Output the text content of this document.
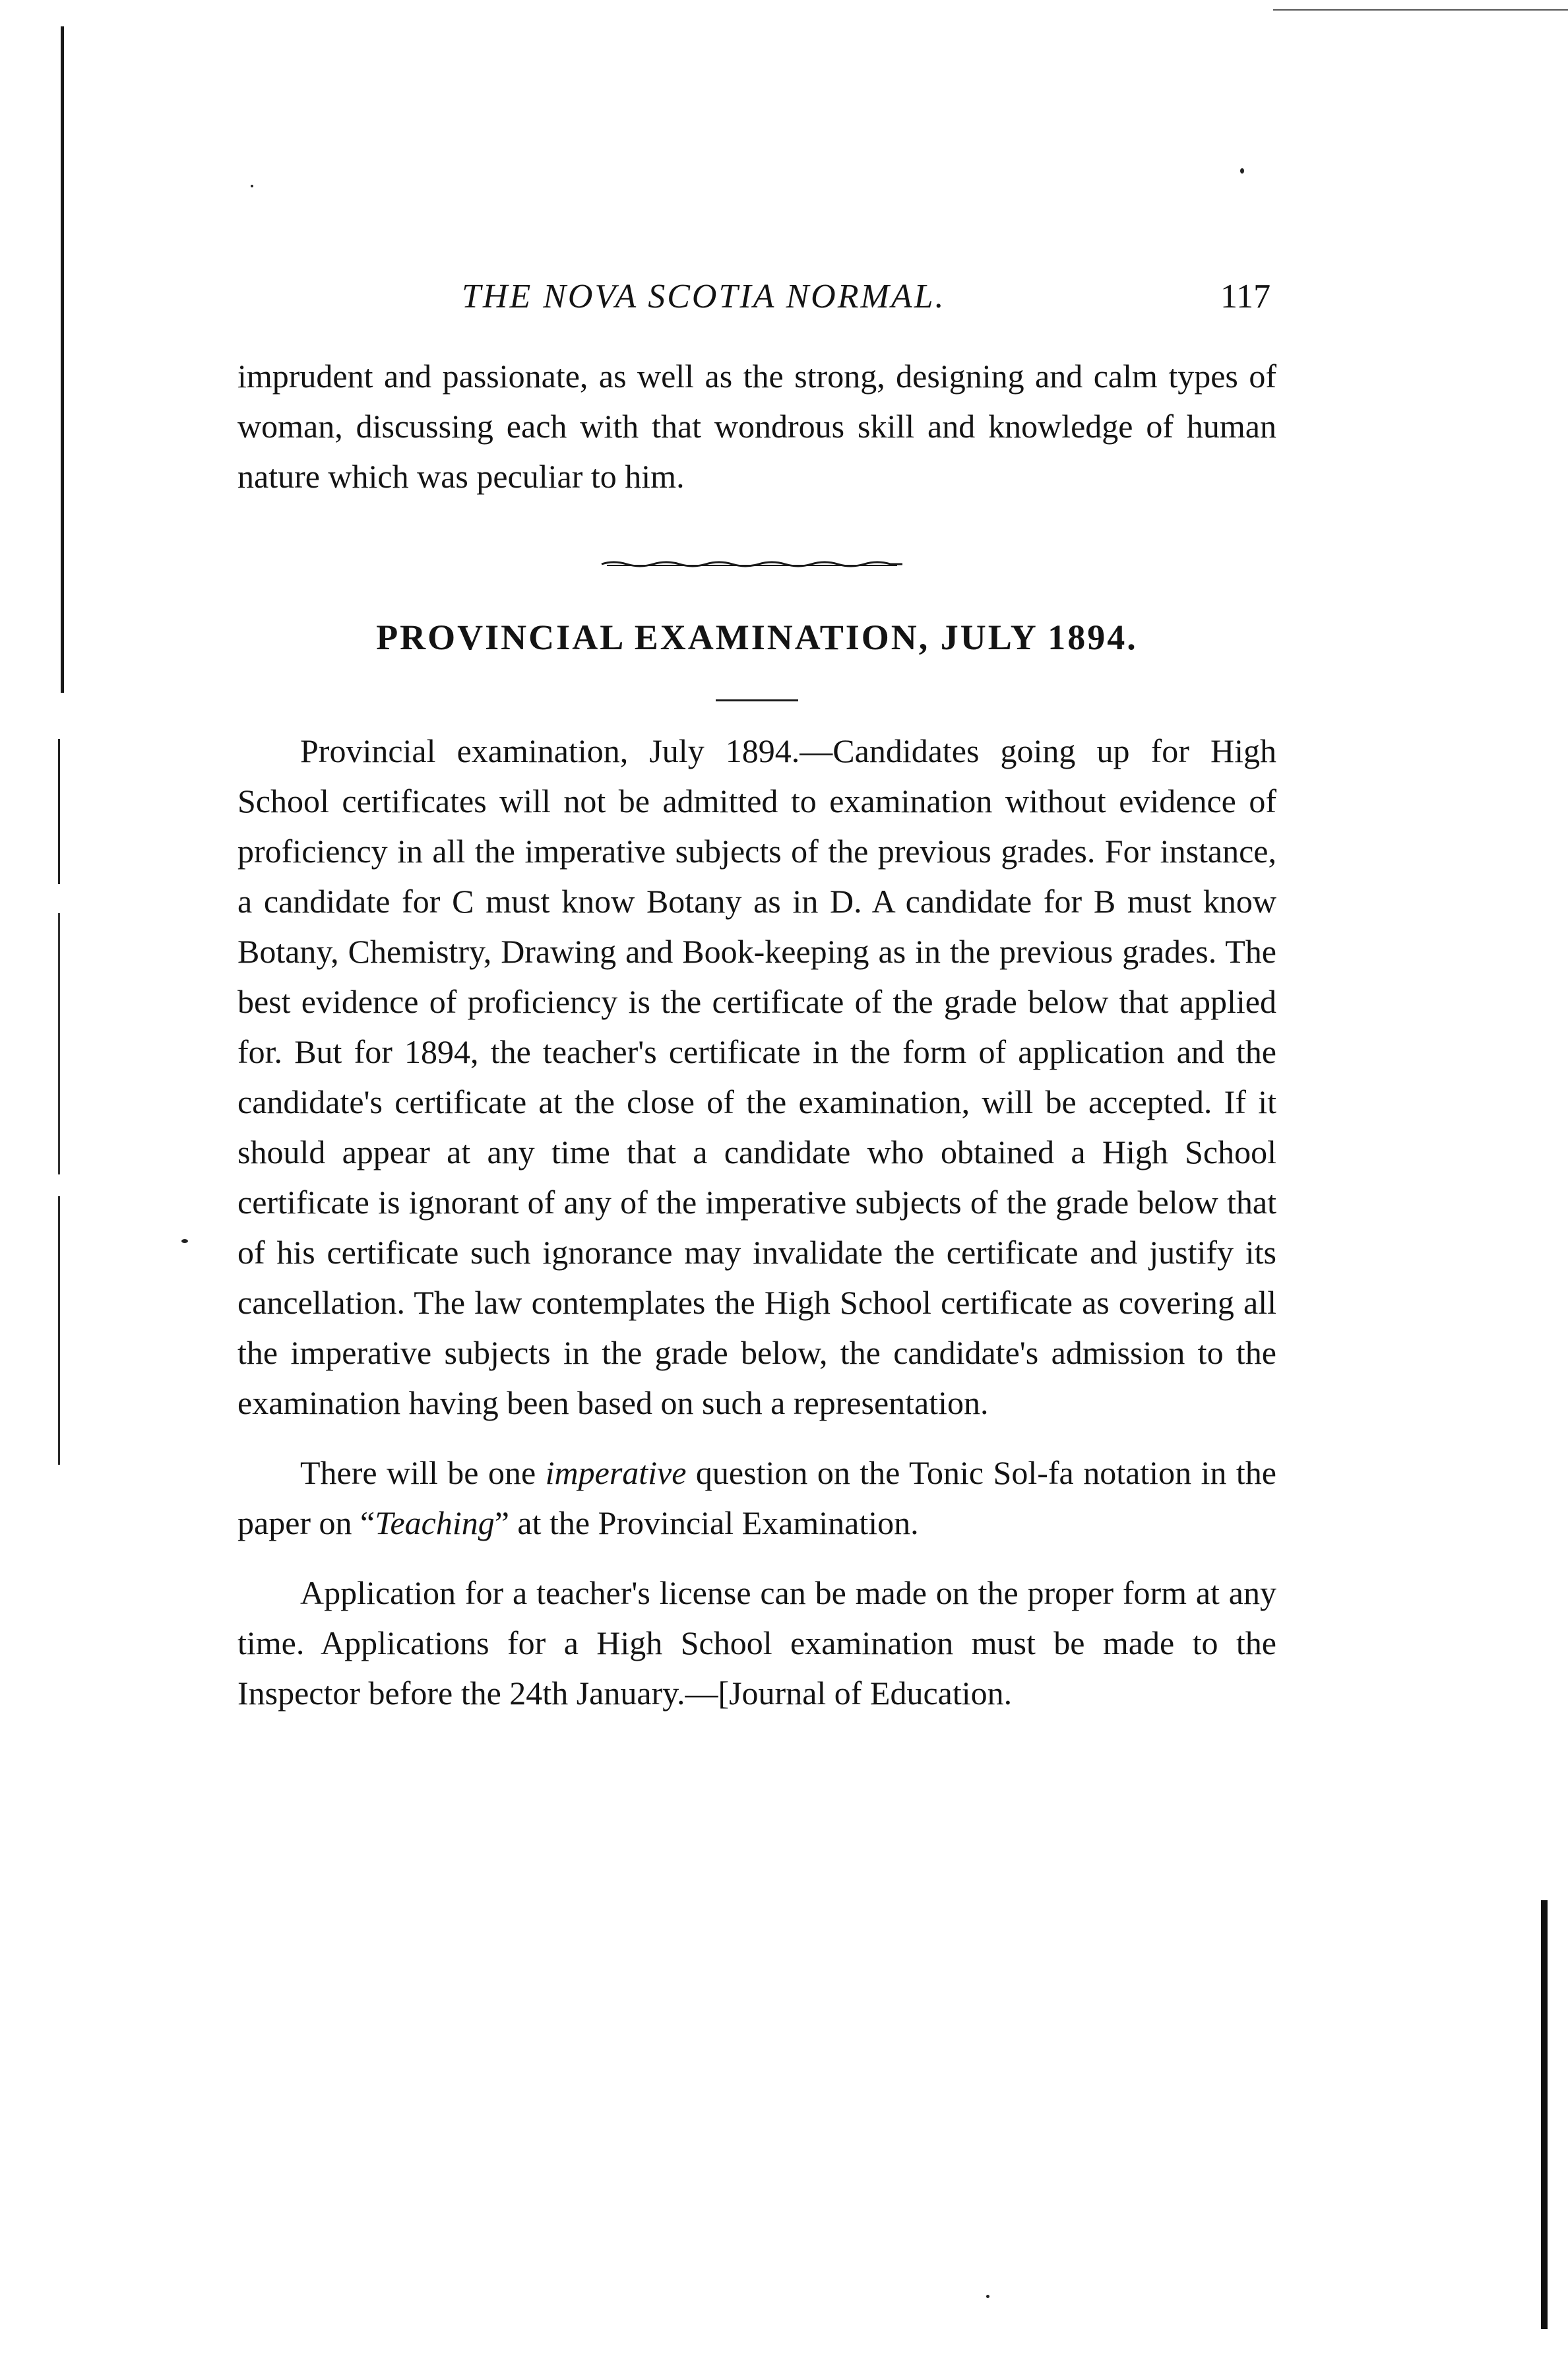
THE NOVA SCOTIA NORMAL.	117

imprudent and passionate, as well as the strong, designing and calm types of woman, discussing each with that wondrous skill and knowledge of human nature which was peculiar to him.

PROVINCIAL EXAMINATION, JULY 1894.

Provincial examination, July 1894.—Candidates going up for High School certificates will not be admitted to examination without evidence of proficiency in all the imperative subjects of the previous grades. For instance, a candidate for C must know Botany as in D. A candidate for B must know Botany, Chemistry, Drawing and Book-keeping as in the previous grades. The best evidence of proficiency is the certificate of the grade below that applied for. But for 1894, the teacher's certificate in the form of application and the candidate's certificate at the close of the examination, will be accepted. If it should appear at any time that a candidate who obtained a High School certificate is ignorant of any of the imperative subjects of the grade below that of his certificate such ignorance may invalidate the certificate and justify its cancellation. The law contemplates the High School certificate as covering all the imperative subjects in the grade below, the candidate's admission to the examination having been based on such a representation.

There will be one imperative question on the Tonic Sol-fa notation in the paper on “Teaching” at the Provincial Examination.

Application for a teacher's license can be made on the proper form at any time. Applications for a High School examination must be made to the Inspector before the 24th January.—[Journal of Education.
